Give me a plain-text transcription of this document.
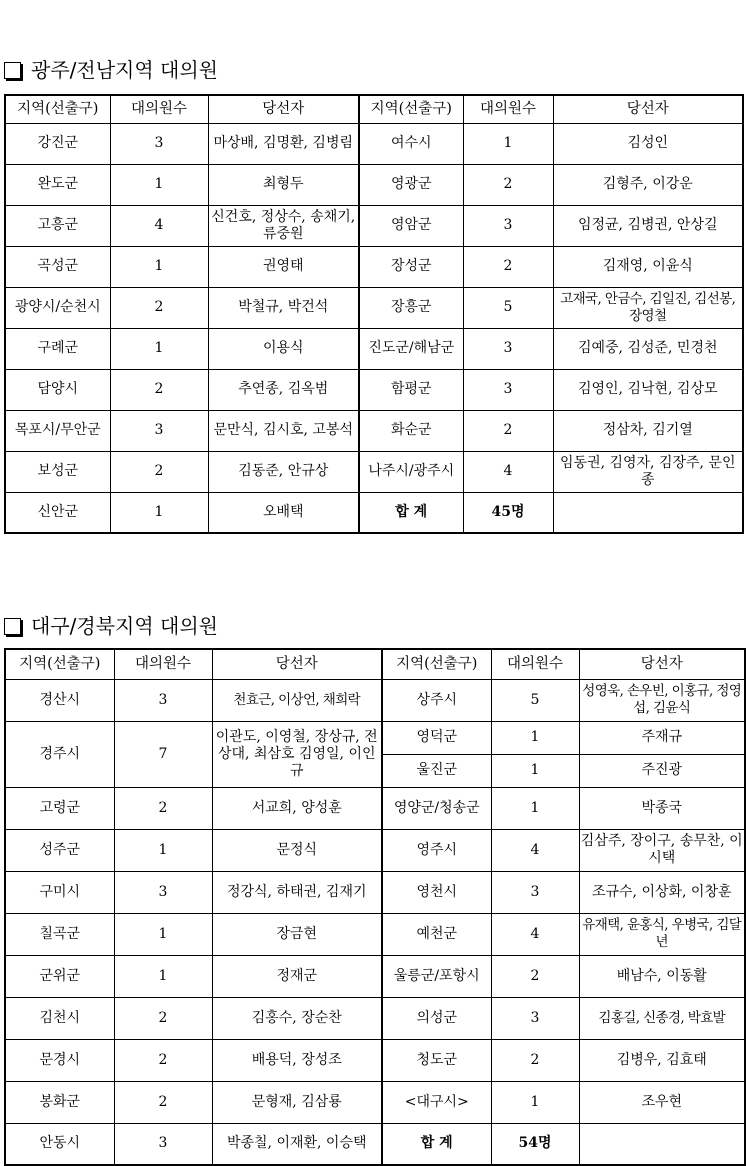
광주/전남지역 대의원
지역(선출구)	대의원수	당선자	지역(선출구)	대의원수	당선자
강진군	3	마상배, 김명환, 김병림	여수시	1	김성인
완도군	1	최형두	영광군	2	김형주, 이강운
고흥군	4	신건호, 정상수, 송채기, 류중원	영암군	3	임정균, 김병권, 안상길
곡성군	1	권영태	장성군	2	김재영, 이윤식
광양시/순천시	2	박철규, 박건석	장흥군	5	고재국, 안금수, 김일진, 김선봉, 장영철
구례군	1	이용식	진도군/해남군	3	김예중, 김성준, 민경천
담양시	2	추연종, 김옥범	함평군	3	김영인, 김낙현, 김상모
목포시/무안군	3	문만식, 김시호, 고봉석	화순군	2	정삼차, 김기열
보성군	2	김동준, 안규상	나주시/광주시	4	임동권, 김영자, 김장주, 문인종
신안군	1	오배택	합 계	45명	
대구/경북지역 대의원
지역(선출구)	대의원수	당선자	지역(선출구)	대의원수	당선자
경산시	3	천효근, 이상언, 채희락	상주시	5	성영욱, 손우빈, 이홍규, 정영섭, 김윤식
경주시	7	이관도, 이영철, 장상규, 전상대, 최삼호 김영일, 이인규	영덕군	1	주재규
			울진군	1	주진광
고령군	2	서교희, 양성훈	영양군/청송군	1	박종국
성주군	1	문정식	영주시	4	김삼주, 장이구, 송무찬, 이시택
구미시	3	정강식, 하태권, 김재기	영천시	3	조규수, 이상화, 이창훈
칠곡군	1	장금현	예천군	4	유재택, 윤홍식, 우병국, 김달년
군위군	1	정재군	울릉군/포항시	2	배남수, 이동활
김천시	2	김홍수, 장순찬	의성군	3	김홍길, 신종경, 박효발
문경시	2	배용덕, 장성조	청도군	2	김병우, 김효태
봉화군	2	문형재, 김삼룡	<대구시>	1	조우현
안동시	3	박종칠, 이재환, 이승택	합 계	54명	
